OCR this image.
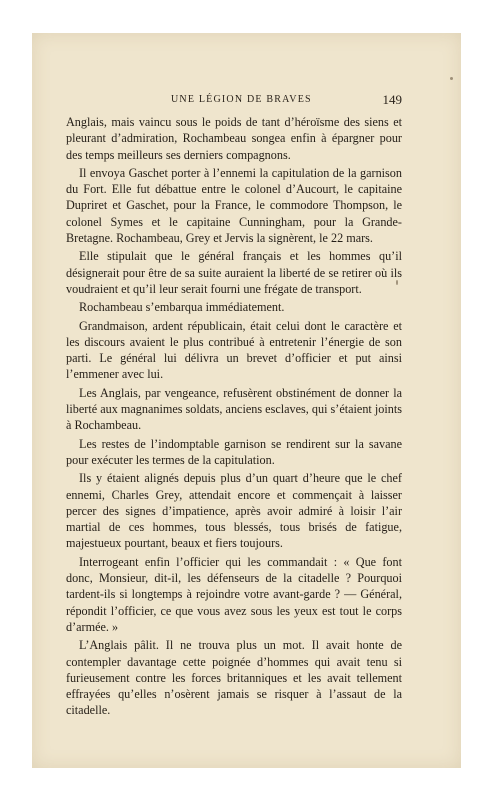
UNE LÉGION DE BRAVES	149

Anglais, mais vaincu sous le poids de tant d’héroïsme des siens et pleurant d’admiration, Rochambeau songea enfin à épargner pour des temps meilleurs ses derniers compagnons.

Il envoya Gaschet porter à l’ennemi la capitulation de la garnison du Fort. Elle fut débattue entre le colonel d’Aucourt, le capitaine Dupriret et Gaschet, pour la France, le commodore Thompson, le colonel Symes et le capitaine Cunningham, pour la Grande-Bretagne. Rochambeau, Grey et Jervis la signèrent, le 22 mars.

Elle stipulait que le général français et les hommes qu’il désignerait pour être de sa suite auraient la liberté de se retirer où ils voudraient et qu’il leur serait fourni une frégate de transport.

Rochambeau s’embarqua immédiatement.

Grandmaison, ardent républicain, était celui dont le caractère et les discours avaient le plus contribué à entretenir l’énergie de son parti. Le général lui délivra un brevet d’officier et put ainsi l’emmener avec lui.

Les Anglais, par vengeance, refusèrent obstinément de donner la liberté aux magnanimes soldats, anciens esclaves, qui s’étaient joints à Rochambeau.

Les restes de l’indomptable garnison se rendirent sur la savane pour exécuter les termes de la capitulation.

Ils y étaient alignés depuis plus d’un quart d’heure que le chef ennemi, Charles Grey, attendait encore et commençait à laisser percer des signes d’impatience, après avoir admiré à loisir l’air martial de ces hommes, tous blessés, tous brisés de fatigue, majestueux pourtant, beaux et fiers toujours.

Interrogeant enfin l’officier qui les commandait : « Que font donc, Monsieur, dit-il, les défenseurs de la citadelle ? Pourquoi tardent-ils si longtemps à rejoindre votre avant-garde ? — Général, répondit l’officier, ce que vous avez sous les yeux est tout le corps d’armée. »

L’Anglais pâlit. Il ne trouva plus un mot. Il avait honte de contempler davantage cette poignée d’hommes qui avait tenu si furieusement contre les forces britanniques et les avait tellement effrayées qu’elles n’osèrent jamais se risquer à l’assaut de la citadelle.
